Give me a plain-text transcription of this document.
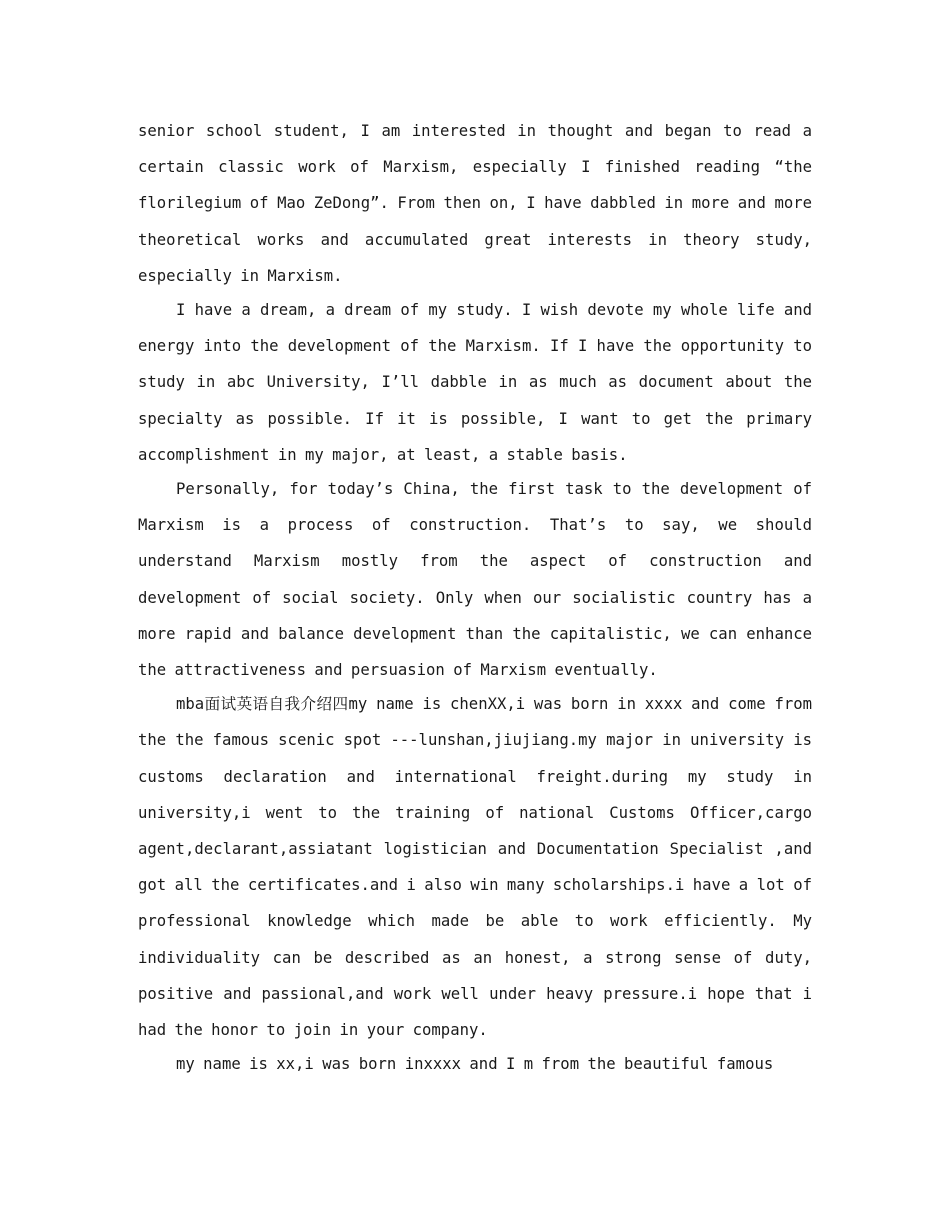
senior school student, I am interested in thought and began to read a certain classic work of Marxism, especially I finished reading “the florilegium of Mao ZeDong”. From then on, I have dabbled in more and more theoretical works and accumulated great interests in theory study, especially in Marxism.

I have a dream, a dream of my study. I wish devote my whole life and energy into the development of the Marxism. If I have the opportunity to study in abc University, I’ll dabble in as much as document about the specialty as possible. If it is possible, I want to get the primary accomplishment in my major, at least, a stable basis.

Personally, for today’s China, the first task to the development of Marxism is a process of construction. That’s to say, we should understand Marxism mostly from the aspect of construction and development of social society. Only when our socialistic country has a more rapid and balance development than the capitalistic, we can enhance the attractiveness and persuasion of Marxism eventually.

mba面试英语自我介绍四my name is chenXX,i was born in xxxx and come from the the famous scenic spot ---lunshan,jiujiang.my major in university is customs declaration and international freight.during my study in university,i went to the training of national Customs Officer,cargo agent,declarant,assiatant logistician and Documentation Specialist ,and got all the certificates.and i also win many scholarships.i have a lot of professional knowledge which made be able to work efficiently. My individuality can be described as an honest, a strong sense of duty, positive and passional,and work well under heavy pressure.i hope that i had the honor to join in your company.

my name is xx,i was born inxxxx and I m from the beautiful famous
